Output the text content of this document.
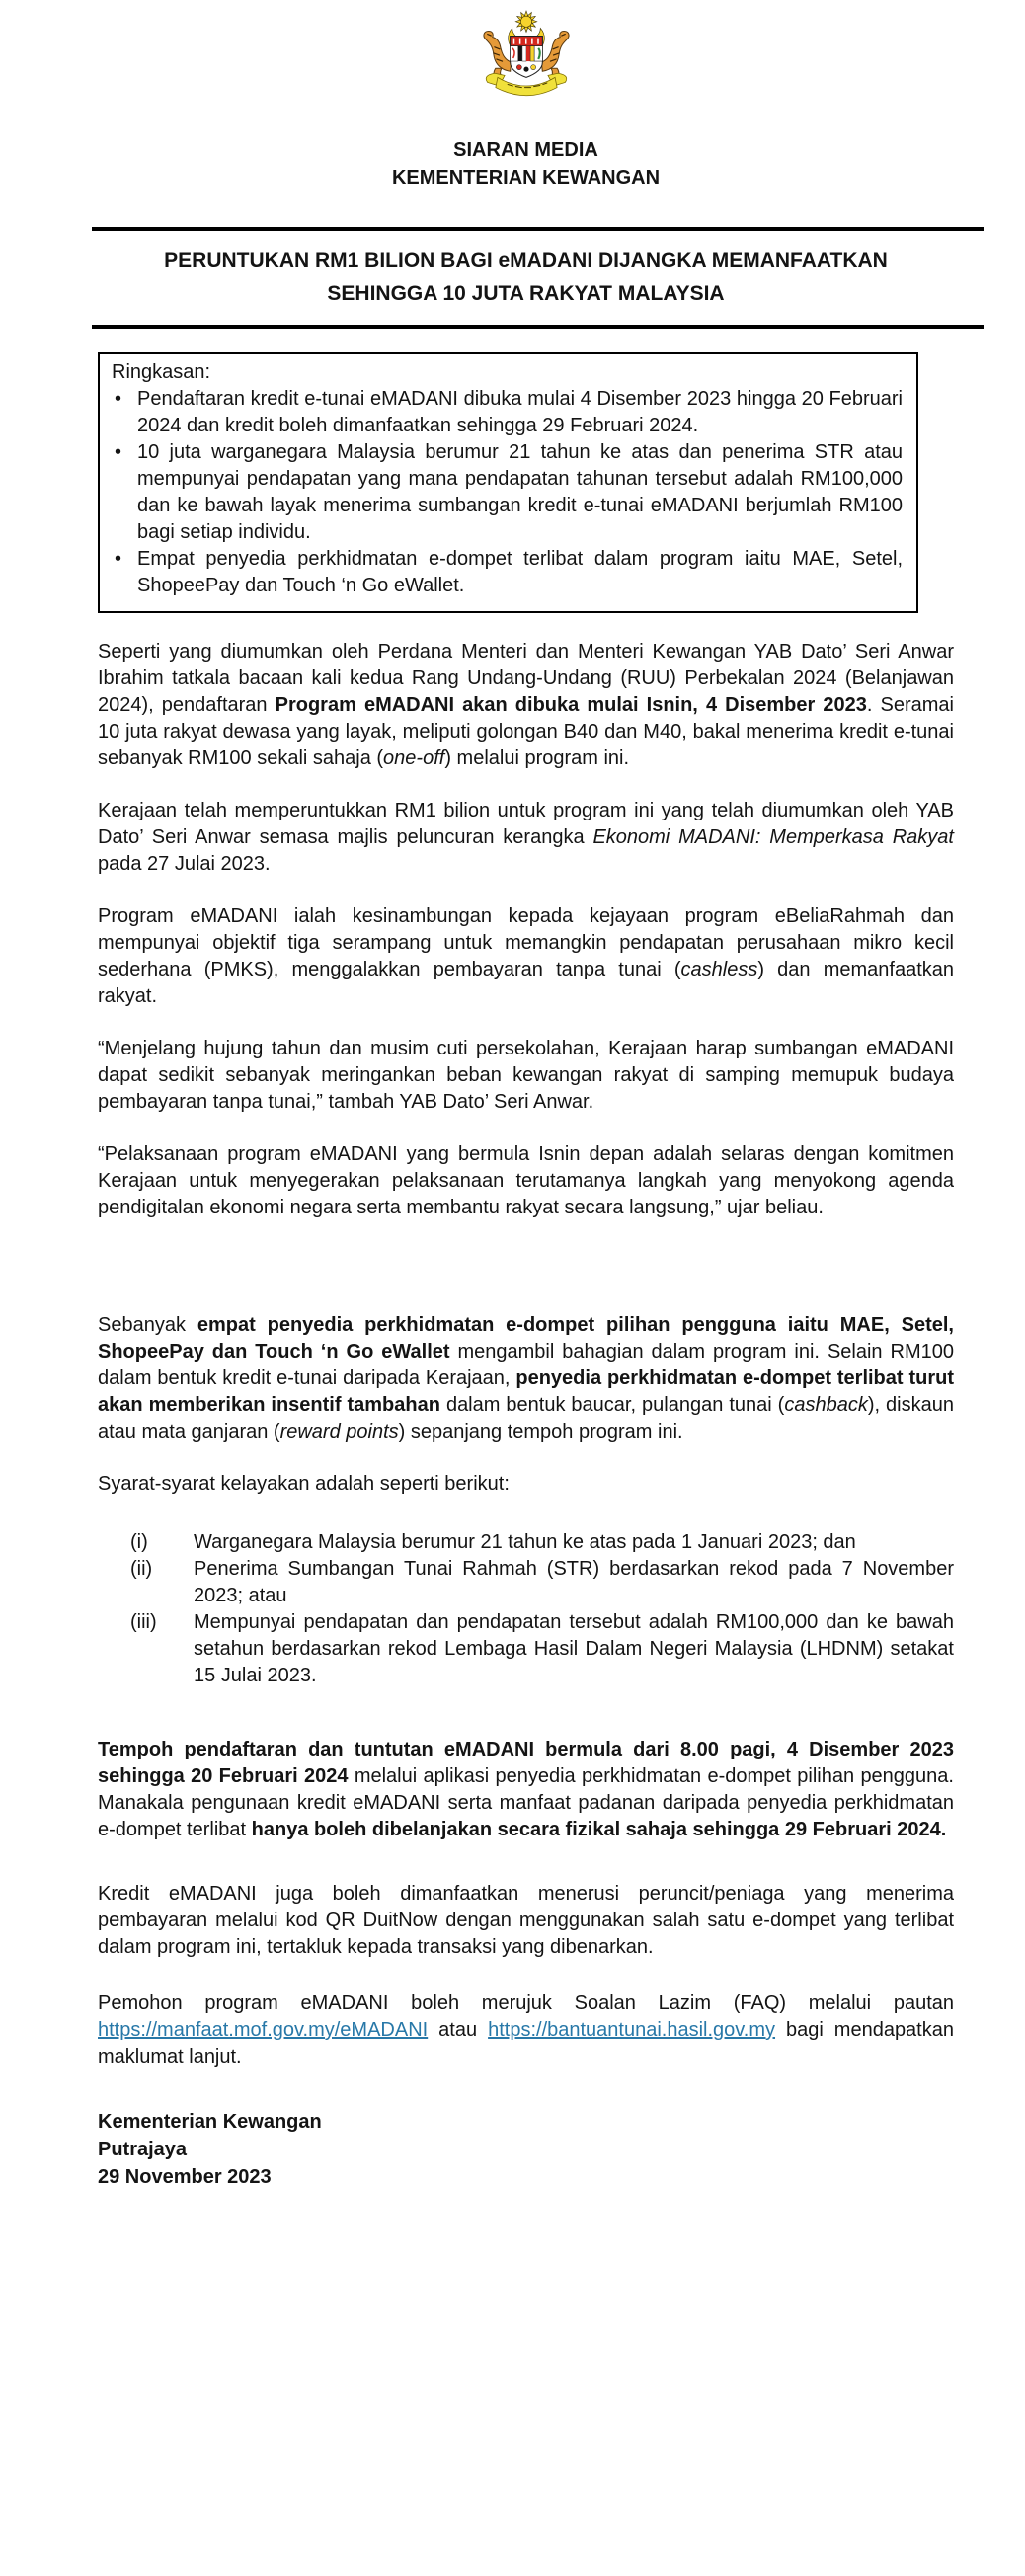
SIARAN MEDIA
KEMENTERIAN KEWANGAN
PERUNTUKAN RM1 BILION BAGI eMADANI DIJANGKA MEMANFAATKAN
SEHINGGA 10 JUTA RAKYAT MALAYSIA
Ringkasan:
• Pendaftaran kredit e-tunai eMADANI dibuka mulai 4 Disember 2023 hingga 20 Februari 2024 dan kredit boleh dimanfaatkan sehingga 29 Februari 2024.
• 10 juta warganegara Malaysia berumur 21 tahun ke atas dan penerima STR atau mempunyai pendapatan yang mana pendapatan tahunan tersebut adalah RM100,000 dan ke bawah layak menerima sumbangan kredit e-tunai eMADANI berjumlah RM100 bagi setiap individu.
• Empat penyedia perkhidmatan e-dompet terlibat dalam program iaitu MAE, Setel, ShopeePay dan Touch ‘n Go eWallet.

Seperti yang diumumkan oleh Perdana Menteri dan Menteri Kewangan YAB Dato’ Seri Anwar Ibrahim tatkala bacaan kali kedua Rang Undang-Undang (RUU) Perbekalan 2024 (Belanjawan 2024), pendaftaran Program eMADANI akan dibuka mulai Isnin, 4 Disember 2023. Seramai 10 juta rakyat dewasa yang layak, meliputi golongan B40 dan M40, bakal menerima kredit e-tunai sebanyak RM100 sekali sahaja (one-off) melalui program ini.

Kerajaan telah memperuntukkan RM1 bilion untuk program ini yang telah diumumkan oleh YAB Dato’ Seri Anwar semasa majlis peluncuran kerangka Ekonomi MADANI: Memperkasa Rakyat pada 27 Julai 2023.

Program eMADANI ialah kesinambungan kepada kejayaan program eBeliaRahmah dan mempunyai objektif tiga serampang untuk memangkin pendapatan perusahaan mikro kecil sederhana (PMKS), menggalakkan pembayaran tanpa tunai (cashless) dan memanfaatkan rakyat.

“Menjelang hujung tahun dan musim cuti persekolahan, Kerajaan harap sumbangan eMADANI dapat sedikit sebanyak meringankan beban kewangan rakyat di samping memupuk budaya pembayaran tanpa tunai,” tambah YAB Dato’ Seri Anwar.

“Pelaksanaan program eMADANI yang bermula Isnin depan adalah selaras dengan komitmen Kerajaan untuk menyegerakan pelaksanaan terutamanya langkah yang menyokong agenda pendigitalan ekonomi negara serta membantu rakyat secara langsung,” ujar beliau.

Sebanyak empat penyedia perkhidmatan e-dompet pilihan pengguna iaitu MAE, Setel, ShopeePay dan Touch ‘n Go eWallet mengambil bahagian dalam program ini. Selain RM100 dalam bentuk kredit e-tunai daripada Kerajaan, penyedia perkhidmatan e-dompet terlibat turut akan memberikan insentif tambahan dalam bentuk baucar, pulangan tunai (cashback), diskaun atau mata ganjaran (reward points) sepanjang tempoh program ini.

Syarat-syarat kelayakan adalah seperti berikut:

(i)	Warganegara Malaysia berumur 21 tahun ke atas pada 1 Januari 2023; dan
(ii)	Penerima Sumbangan Tunai Rahmah (STR) berdasarkan rekod pada 7 November 2023; atau
(iii)	Mempunyai pendapatan dan pendapatan tersebut adalah RM100,000 dan ke bawah setahun berdasarkan rekod Lembaga Hasil Dalam Negeri Malaysia (LHDNM) setakat 15 Julai 2023.

Tempoh pendaftaran dan tuntutan eMADANI bermula dari 8.00 pagi, 4 Disember 2023 sehingga 20 Februari 2024 melalui aplikasi penyedia perkhidmatan e-dompet pilihan pengguna. Manakala pengunaan kredit eMADANI serta manfaat padanan daripada penyedia perkhidmatan e-dompet terlibat hanya boleh dibelanjakan secara fizikal sahaja sehingga 29 Februari 2024.

Kredit eMADANI juga boleh dimanfaatkan menerusi peruncit/peniaga yang menerima pembayaran melalui kod QR DuitNow dengan menggunakan salah satu e-dompet yang terlibat dalam program ini, tertakluk kepada transaksi yang dibenarkan.

Pemohon program eMADANI boleh merujuk Soalan Lazim (FAQ) melalui pautan https://manfaat.mof.gov.my/eMADANI atau https://bantuantunai.hasil.gov.my bagi mendapatkan maklumat lanjut.

Kementerian Kewangan
Putrajaya
29 November 2023
